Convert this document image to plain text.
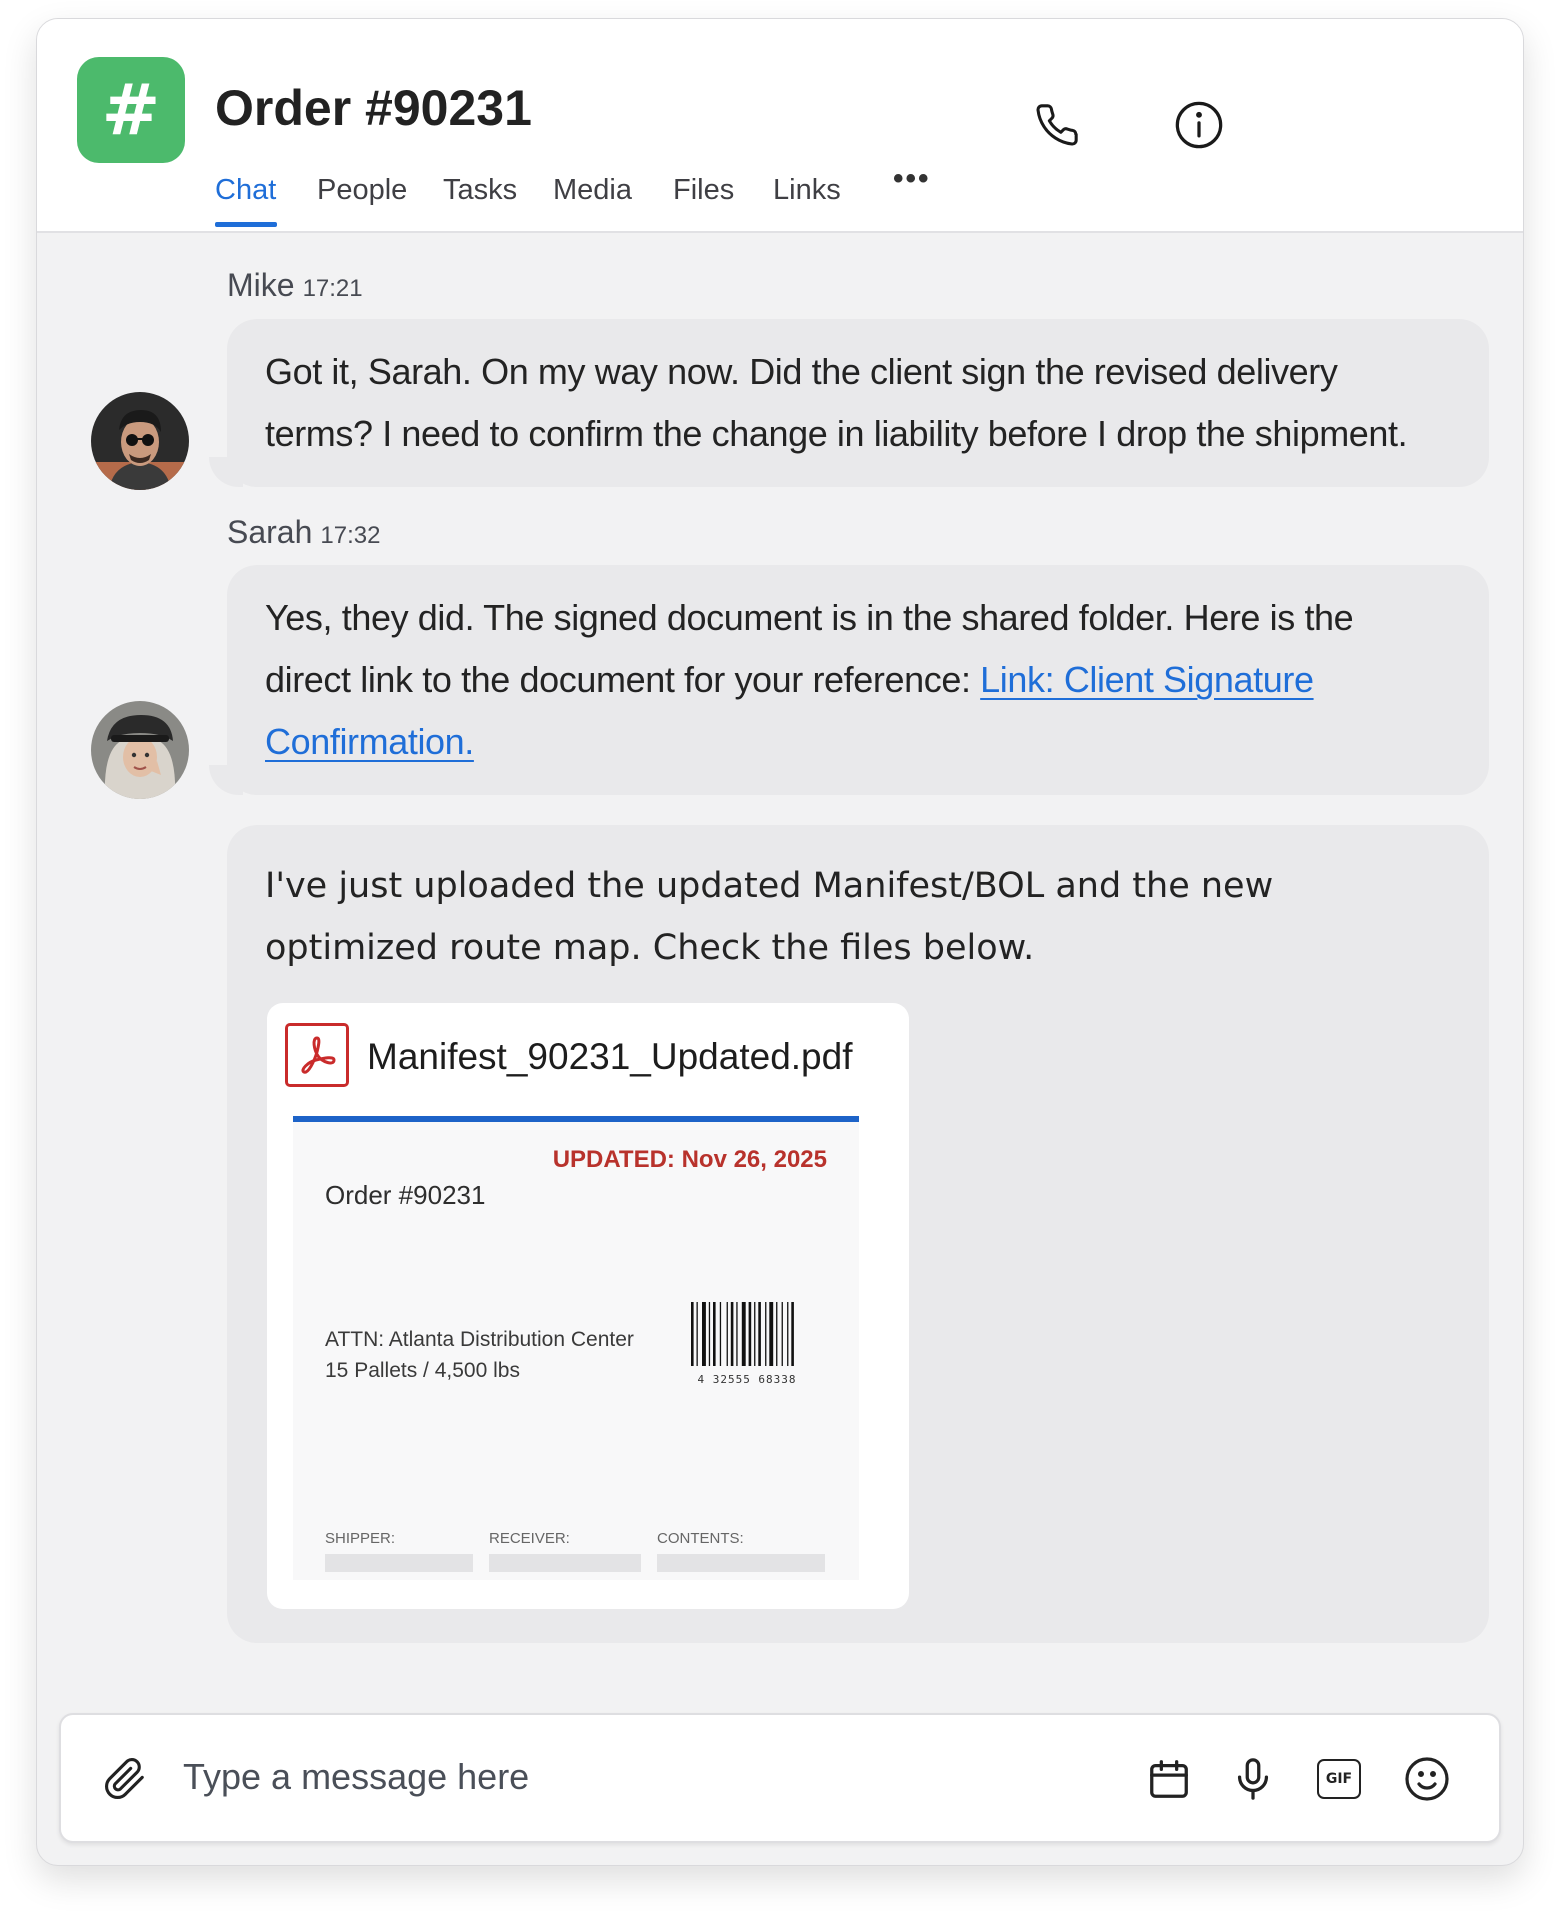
#	Order #90231
Chat People Tasks Media Files Links •••
Mike 17:21
Got it, Sarah. On my way now. Did the client sign the revised delivery
terms? I need to confirm the change in liability before I drop the shipment.
Sarah 17:32
Yes, they did. The signed document is in the shared folder. Here is the
direct link to the document for your reference: Link: Client Signature
Confirmation.
I've just uploaded the updated Manifest/BOL and the new
optimized route map. Check the files below.
Manifest_90231_Updated.pdf
UPDATED: Nov 26, 2025
Order #90231
ATTN: Atlanta Distribution Center
15 Pallets / 4,500 lbs	4 32555 68338
SHIPPER:	RECEIVER:	CONTENTS:
Type a message here
GIF
